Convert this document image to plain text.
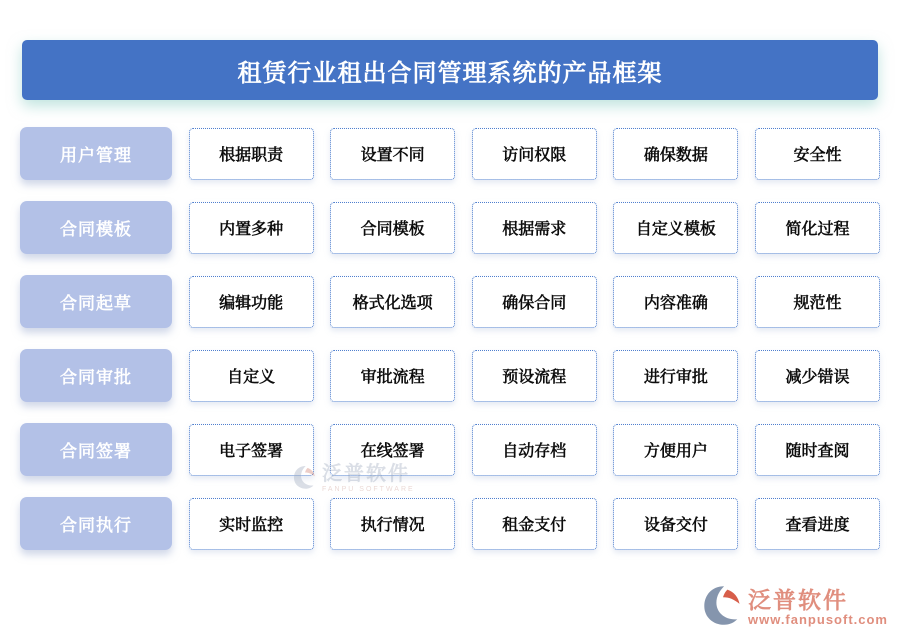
租赁行业租出合同管理系统的产品框架
用户管理	根据职责	设置不同	访问权限	确保数据	安全性
合同模板	内置多种	合同模板	根据需求	自定义模板	简化过程
合同起草	编辑功能	格式化选项	确保合同	内容准确	规范性
合同审批	自定义	审批流程	预设流程	进行审批	减少错误
合同签署	电子签署	在线签署	自动存档	方便用户	随时查阅
合同执行	实时监控	执行情况	租金支付	设备交付	查看进度
泛普软件
FANPU SOFTWARE
泛普软件
www.fanpusoft.com
